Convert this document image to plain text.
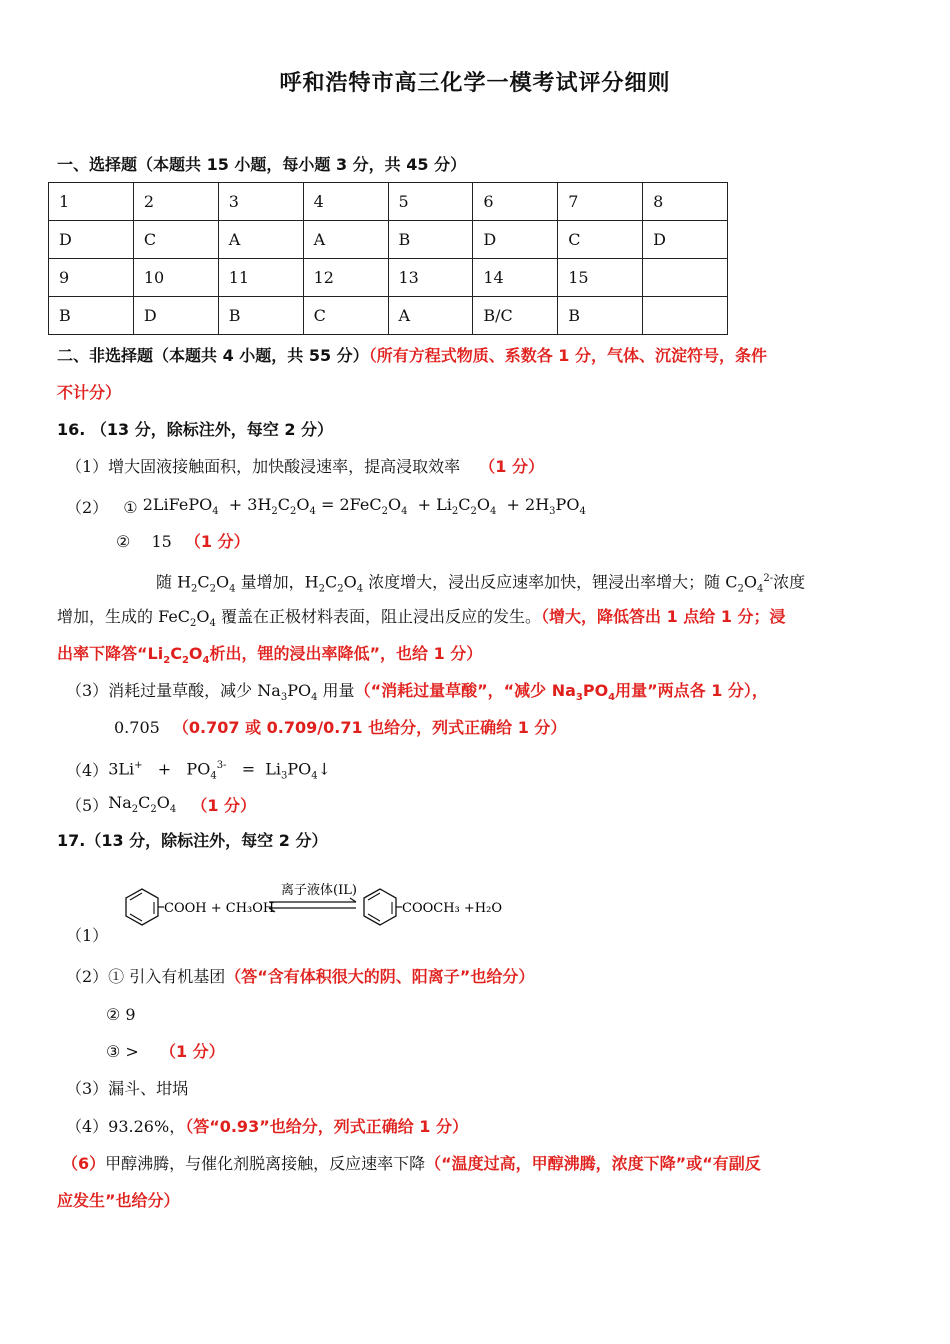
呼和浩特市高三化学一模考试评分细则
一、选择题（本题共 15 小题，每小题 3 分，共 45 分）
1	2	3	4	5	6	7	8
D	C	A	A	B	D	C	D
9	10	11	12	13	14	15	
B	D	B	C	A	B/C	B	
二、非选择题（本题共 4 小题，共 55 分）（所有方程式物质、系数各 1 分，气体、沉淀符号，条件
不计分）
16. （13 分，除标注外，每空 2 分）
（1）增大固液接触面积，加快酸浸速率，提高浸取效率 （1 分）
（2） ① 2LiFePO$_4$  + $3H_2C_2O_4 = 2FeC_2O_4 + Li_2C_2O_4 + 2H_3PO_4$
② 15 （1 分）
随 $H_2C_2O_4$ 量增加，$H_2C_2O_4$ 浓度增大，浸出反应速率加快，锂浸出率增大；随 $C_2O_4^{2-}$浓度
增加，生成的 $FeC_2O_4$ 覆盖在正极材料表面，阻止浸出反应的发生。（增大，降低答出 1 点给 1 分；浸
出率下降答“$Li_2C_2O_4$析出，锂的浸出率降低”，也给 1 分）
（3）消耗过量草酸，减少 $Na_3PO_4$ 用量（“消耗过量草酸”，“减少 $Na_3PO_4$用量”两点各 1 分），
0.705 （0.707 或 0.709/0.71 也给分，列式正确给 1 分）
$(4)3Li^+ + PO_4^{3-}$   =  $Li_3PO_4↓$
$(5)Na_2C_2O_4$ （1 分）
17.（13 分，除标注外，每空 2 分）
COOH + CH₃OH
离子液体(IL)
COOCH₃ +H₂O
（1）
（2）① 引入有机基团（答“含有体积很大的阴、阳离子”也给分）
② 9
③ > （1 分）
（3）漏斗、坩埚
（4）93.26%，（答“0.93”也给分，列式正确给 1 分）
（6）甲醇沸腾，与催化剂脱离接触，反应速率下降（“温度过高，甲醇沸腾，浓度下降”或“有副反
应发生”也给分）
